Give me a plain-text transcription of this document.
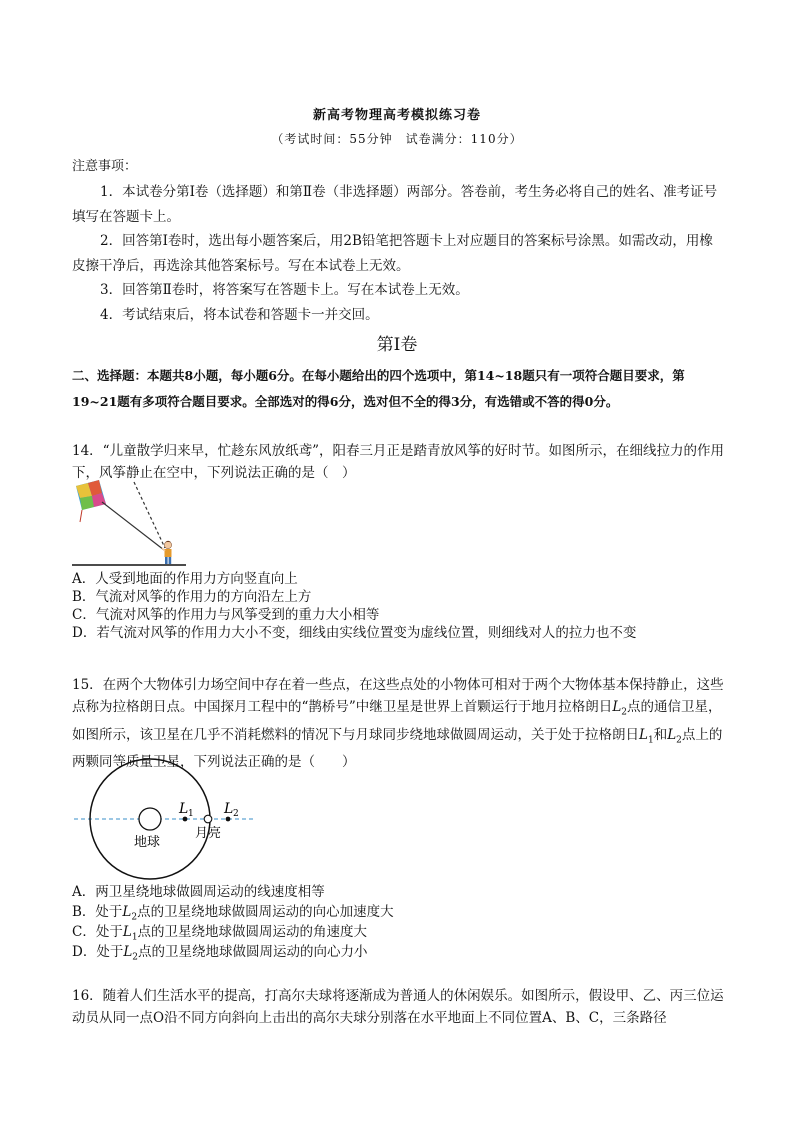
新高考物理高考模拟练习卷
（考试时间：55分钟　试卷满分：110分）
注意事项：
1．本试卷分第Ⅰ卷（选择题）和第Ⅱ卷（非选择题）两部分。答卷前，考生务必将自己的姓名、准考证号填写在答题卡上。
2．回答第Ⅰ卷时，选出每小题答案后，用2B铅笔把答题卡上对应题目的答案标号涂黑。如需改动，用橡皮擦干净后，再选涂其他答案标号。写在本试卷上无效。
3．回答第Ⅱ卷时，将答案写在答题卡上。写在本试卷上无效。
4．考试结束后，将本试卷和答题卡一并交回。
第Ⅰ卷
二、选择题：本题共8小题，每小题6分。在每小题给出的四个选项中，第14~18题只有一项符合题目要求，第19~21题有多项符合题目要求。全部选对的得6分，选对但不全的得3分，有选错或不答的得0分。
14．“儿童散学归来早，忙趁东风放纸鸢”，阳春三月正是踏青放风筝的好时节。如图所示，在细线拉力的作用下，风筝静止在空中，下列说法正确的是（　）
A．人受到地面的作用力方向竖直向上
B．气流对风筝的作用力的方向沿左上方
C．气流对风筝的作用力与风筝受到的重力大小相等
D．若气流对风筝的作用力大小不变，细线由实线位置变为虚线位置，则细线对人的拉力也不变
15．在两个大物体引力场空间中存在着一些点，在这些点处的小物体可相对于两个大物体基本保持静止，这些点称为拉格朗日点。中国探月工程中的“鹊桥号”中继卫星是世界上首颗运行于地月拉格朗日$L_2$点的通信卫星，如图所示，该卫星在几乎不消耗燃料的情况下与月球同步绕地球做圆周运动，关于处于拉格朗日$L_1$和$L_2$点上的两颗同等质量卫星，下列说法正确的是（　　）
地球
月亮
L 1 L 2
A．两卫星绕地球做圆周运动的线速度相等
B．处于$L_2$点的卫星绕地球做圆周运动的向心加速度大
C．处于$L_1$点的卫星绕地球做圆周运动的角速度大
D．处于$L_2$点的卫星绕地球做圆周运动的向心力小
16．随着人们生活水平的提高，打高尔夫球将逐渐成为普通人的休闲娱乐。如图所示，假设甲、乙、丙三位运动员从同一点O沿不同方向斜向上击出的高尔夫球分别落在水平地面上不同位置A、B、C，三条路径
